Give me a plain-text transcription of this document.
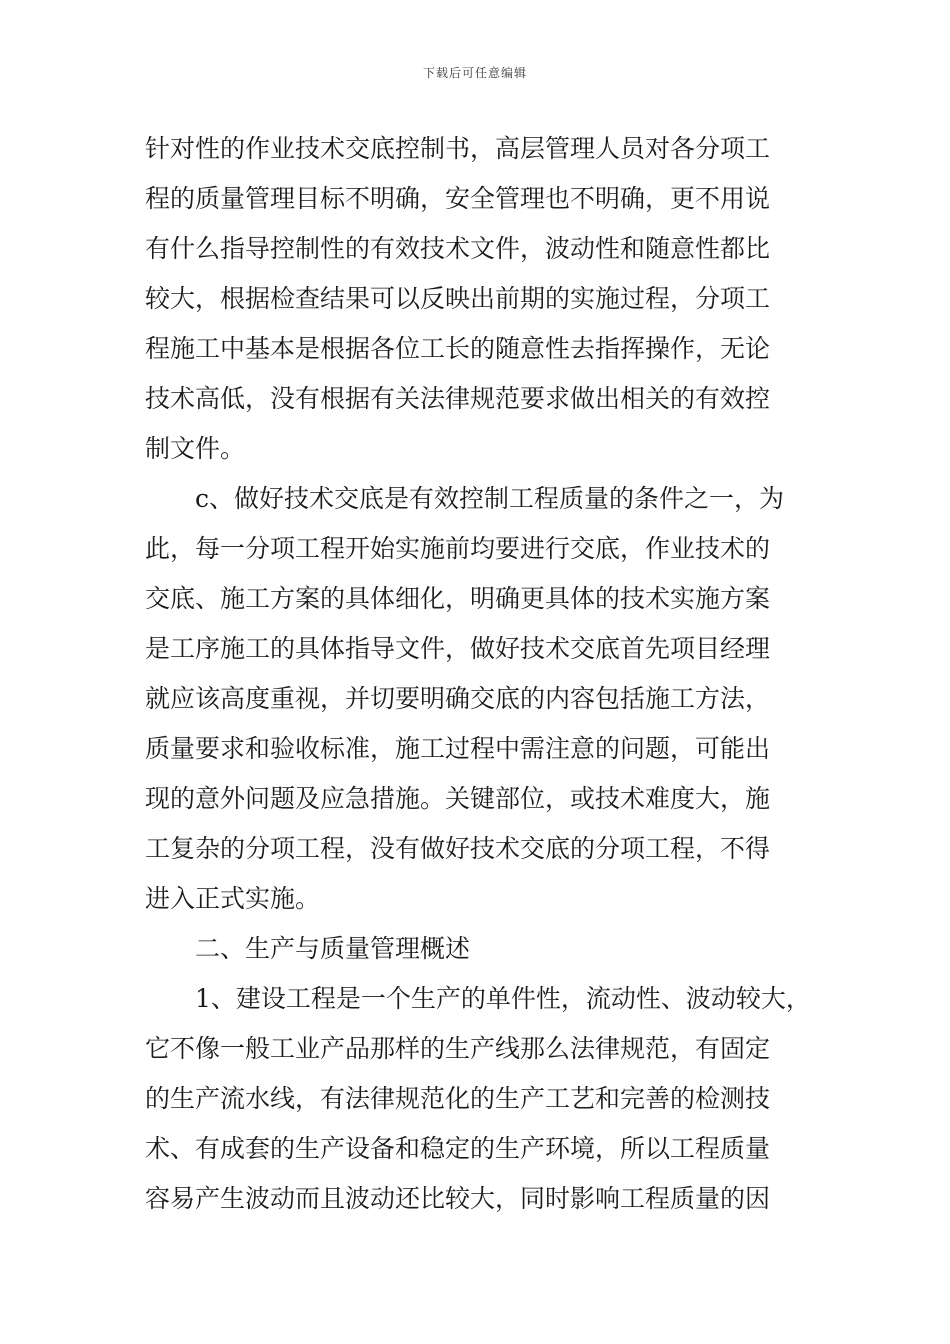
下载后可任意编辑
针对性的作业技术交底控制书，高层管理人员对各分项工
程的质量管理目标不明确，安全管理也不明确，更不用说
有什么指导控制性的有效技术文件，波动性和随意性都比
较大，根据检查结果可以反映出前期的实施过程，分项工
程施工中基本是根据各位工长的随意性去指挥操作，无论
技术高低，没有根据有关法律规范要求做出相关的有效控
制文件。
c、做好技术交底是有效控制工程质量的条件之一，为
此，每一分项工程开始实施前均要进行交底，作业技术的
交底、施工方案的具体细化，明确更具体的技术实施方案
是工序施工的具体指导文件，做好技术交底首先项目经理
就应该高度重视，并切要明确交底的内容包括施工方法，
质量要求和验收标准，施工过程中需注意的问题，可能出
现的意外问题及应急措施。关键部位，或技术难度大，施
工复杂的分项工程，没有做好技术交底的分项工程，不得
进入正式实施。
二、生产与质量管理概述
1、建设工程是一个生产的单件性，流动性、波动较大，
它不像一般工业产品那样的生产线那么法律规范，有固定
的生产流水线，有法律规范化的生产工艺和完善的检测技
术、有成套的生产设备和稳定的生产环境，所以工程质量
容易产生波动而且波动还比较大，同时影响工程质量的因
